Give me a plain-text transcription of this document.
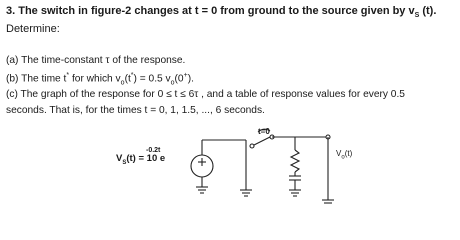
3. The switch in figure-2 changes at t = 0 from ground to the source given by $v_S$ (t).
Determine:
(a) The time-constant τ of the response.
(b) The time t* for which $v_o(t^*) = 0.5$ $v_o(0^+)$.
(c) The graph of the response for 0 ≤ t ≤ 6τ , and a table of response values for every 0.5
seconds. That is, for the times t = 0, 1, 1.5, ..., 6 seconds.
t=0
$V_S(t) = 10$ e
-0.2t	$V_o(t)$
